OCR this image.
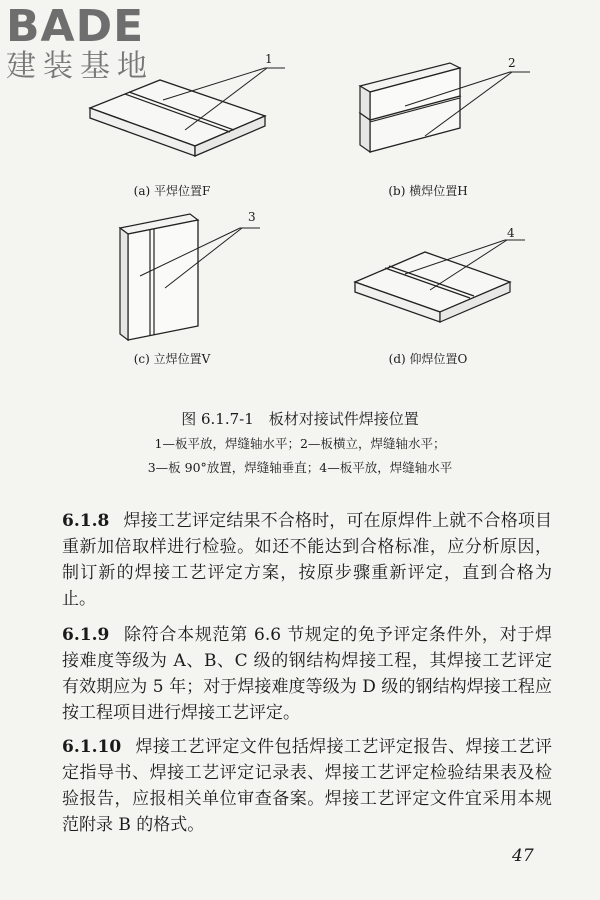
BADE
建装基地	1
(a) 平焊位置F
2
(b) 横焊位置H
3
(c) 立焊位置V
4
(d) 仰焊位置O
图 6.1.7-1　板材对接试件焊接位置
1—板平放，焊缝轴水平；2—板横立，焊缝轴水平；
3—板 90°放置，焊缝轴垂直；4—板平放，焊缝轴水平
6.1.8 焊接工艺评定结果不合格时，可在原焊件上就不合格项目重新加倍取样进行检验。如还不能达到合格标准，应分析原因，制订新的焊接工艺评定方案，按原步骤重新评定，直到合格为止。
6.1.9 除符合本规范第 6.6 节规定的免予评定条件外，对于焊接难度等级为 A、B、C 级的钢结构焊接工程，其焊接工艺评定有效期应为 5 年；对于焊接难度等级为 D 级的钢结构焊接工程应按工程项目进行焊接工艺评定。
6.1.10 焊接工艺评定文件包括焊接工艺评定报告、焊接工艺评定指导书、焊接工艺评定记录表、焊接工艺评定检验结果表及检验报告，应报相关单位审查备案。焊接工艺评定文件宜采用本规范附录 B 的格式。
47
